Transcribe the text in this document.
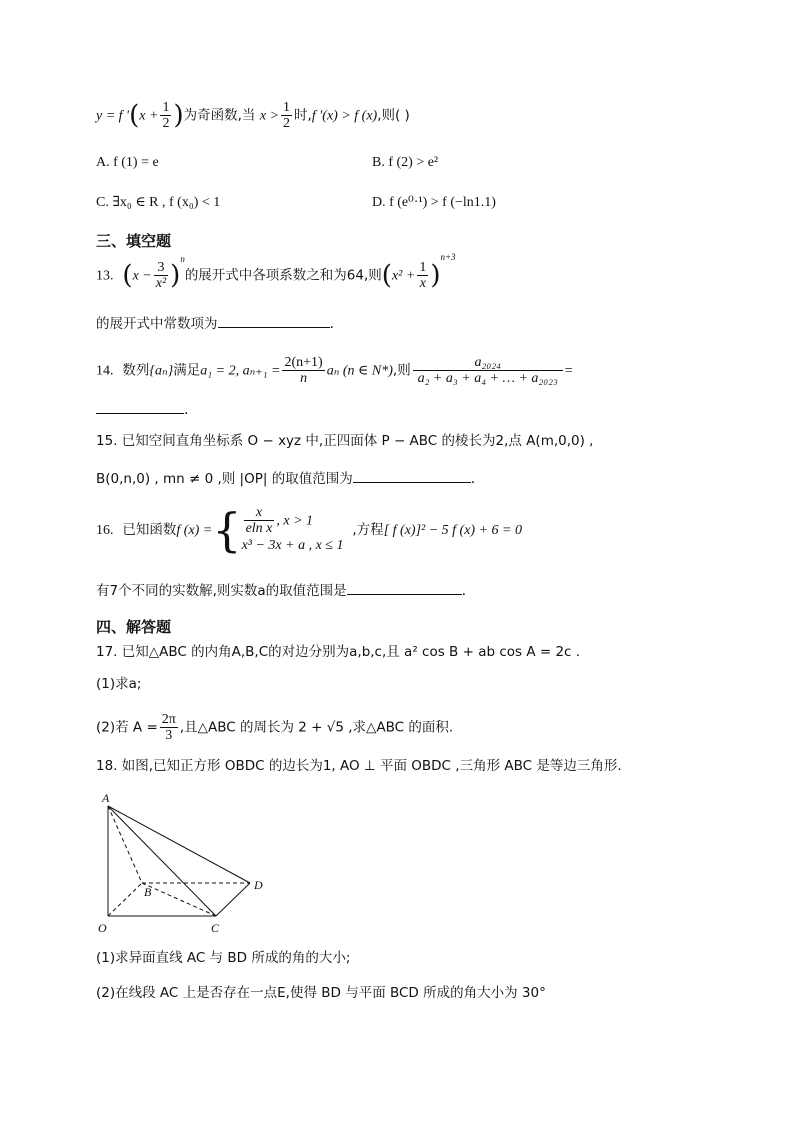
y = f $'(x + \frac{1}{2}$ )为奇函数,当 $x > \frac{1}{2}$ 时,f ′(x) > f (x),则( )
A. f (1) = e	B. f (2) > e²
C. ∃x₀ ∈ R , f (x₀) < 1	D. f (e⁰·¹) > f (−ln1.1)
三、填空题
13. $(x - \frac{3}{\text{x²}} )^n$的展开式中各项系数之和为64,则$(x^2 + \frac{1}{x} )^{n+3}$
的展开式中常数项为	.
14. 数列{aₙ}满足a₁ = 2, $a_{n+1} = \frac{2(n+1)}{n}$ aₙ (n ∈ N*),则 $\frac{\text{a₂₀₂₄}}{\text{a₂ + a₃ + a₄ + … + a₂₀₂₃}}$ =
.
15. 已知空间直角坐标系 O − xyz 中,正四面体 P − ABC 的棱长为2,点 A(m,0,0) ,
B(0,n,0) , mn ≠ 0 ,则 |OP| 的取值范围为	.
16. 已知函数f (x) ={ $\frac{x}{\text{eln x}}$ , x > 1
x³ − 3x + a , x ≤ 1
,方程[ f (x)]² − 5 f (x) + 6 = 0
有7个不同的实数解,则实数a的取值范围是	.
四、解答题
17. 已知△ABC 的内角A,B,C的对边分别为a,b,c,且 a² cos B + ab cos A = 2c .
(1)求a;
(2)若 $A = \frac{2\pi}{3}$ ,且△ABC 的周长为 2 + √5 ,求△ABC 的面积.
18. 如图,已知正方形 OBDC 的边长为1, AO ⊥ 平面 OBDC ,三角形 ABC 是等边三角形.
A
B	D
O	C
(1)求异面直线 AC 与 BD 所成的角的大小;
(2)在线段 AC 上是否存在一点E,使得 BD 与平面 BCD 所成的角大小为 30°
